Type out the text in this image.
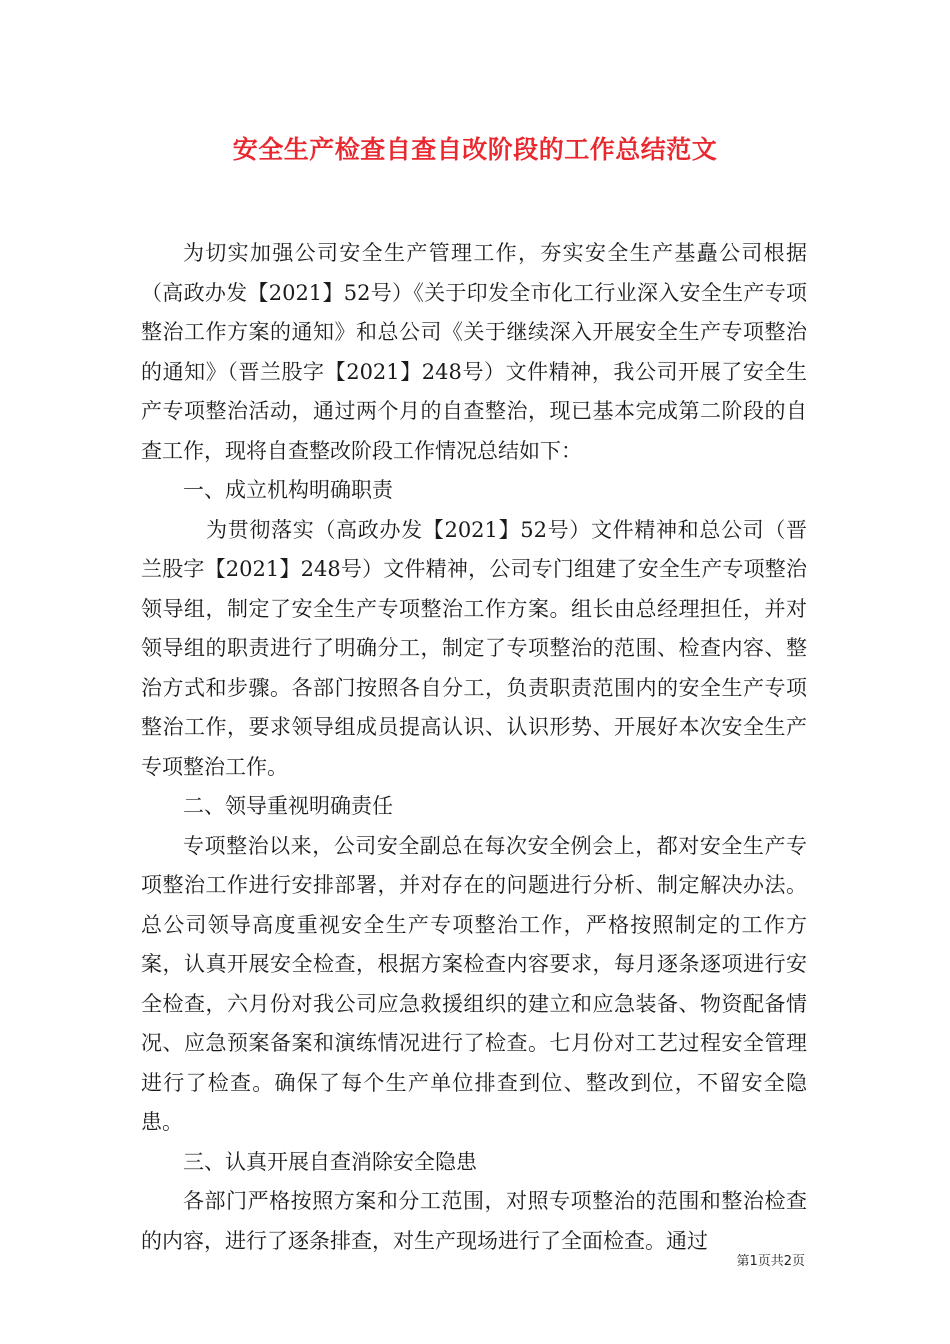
安全生产检查自查自改阶段的工作总结范文

为切实加强公司安全生产管理工作，夯实安全生产基矗公司根据（高政办发【2021】52号）《关于印发全市化工行业深入安全生产专项整治工作方案的通知》和总公司《关于继续深入开展安全生产专项整治的通知》（晋兰股字【2021】248号）文件精神，我公司开展了安全生产专项整治活动，通过两个月的自查整治，现已基本完成第二阶段的自查工作，现将自查整改阶段工作情况总结如下：

一、成立机构明确职责

为贯彻落实（高政办发【2021】52号）文件精神和总公司（晋兰股字【2021】248号）文件精神，公司专门组建了安全生产专项整治领导组，制定了安全生产专项整治工作方案。组长由总经理担任，并对领导组的职责进行了明确分工，制定了专项整治的范围、检查内容、整治方式和步骤。各部门按照各自分工，负责职责范围内的安全生产专项整治工作，要求领导组成员提高认识、认识形势、开展好本次安全生产专项整治工作。

二、领导重视明确责任

专项整治以来，公司安全副总在每次安全例会上，都对安全生产专项整治工作进行安排部署，并对存在的问题进行分析、制定解决办法。总公司领导高度重视安全生产专项整治工作，严格按照制定的工作方案，认真开展安全检查，根据方案检查内容要求，每月逐条逐项进行安全检查，六月份对我公司应急救援组织的建立和应急装备、物资配备情况、应急预案备案和演练情况进行了检查。七月份对工艺过程安全管理进行了检查。确保了每个生产单位排查到位、整改到位，不留安全隐患。

三、认真开展自查消除安全隐患

各部门严格按照方案和分工范围，对照专项整治的范围和整治检查的内容，进行了逐条排查，对生产现场进行了全面检查。通过

第1页共2页
